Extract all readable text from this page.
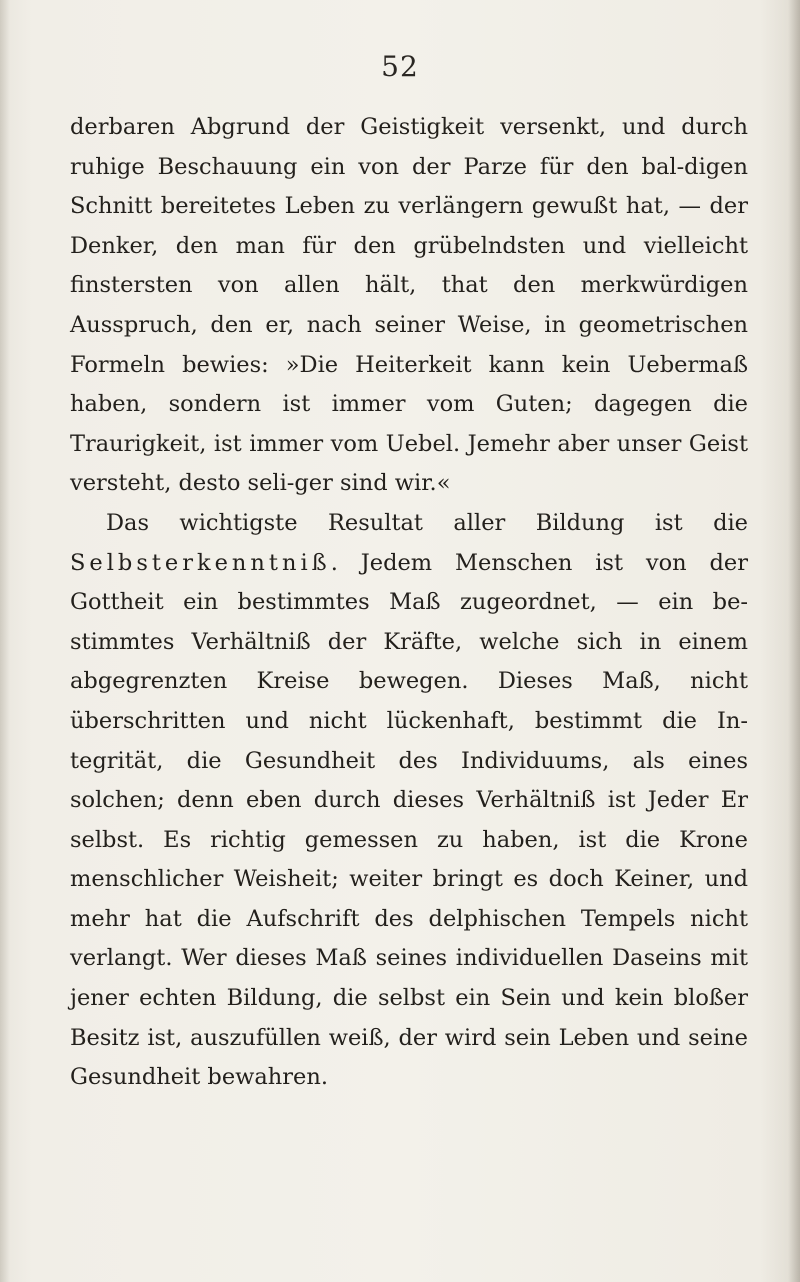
52

derbaren Abgrund der Geistigkeit versenkt, und durch ruhige Beschauung ein von der Parze für den bal-digen Schnitt bereitetes Leben zu verlängern gewußt hat, — der Denker, den man für den grübelndsten und vielleicht finstersten von allen hält, that den merkwürdigen Ausspruch, den er, nach seiner Weise, in geometrischen Formeln bewies: »Die Heiterkeit kann kein Uebermaß haben, sondern ist immer vom Guten; dagegen die Traurigkeit, ist immer vom Uebel. Jemehr aber unser Geist versteht, desto seli-ger sind wir.«

Das wichtigste Resultat aller Bildung ist die Selbsterkenntniß. Jedem Menschen ist von der Gottheit ein bestimmtes Maß zugeordnet, — ein be-stimmtes Verhältniß der Kräfte, welche sich in einem abgegrenzten Kreise bewegen. Dieses Maß, nicht überschritten und nicht lückenhaft, bestimmt die In-tegrität, die Gesundheit des Individuums, als eines solchen; denn eben durch dieses Verhältniß ist Jeder Er selbst. Es richtig gemessen zu haben, ist die Krone menschlicher Weisheit; weiter bringt es doch Keiner, und mehr hat die Aufschrift des delphischen Tempels nicht verlangt. Wer dieses Maß seines individuellen Daseins mit jener echten Bildung, die selbst ein Sein und kein bloßer Besitz ist, auszufüllen weiß, der wird sein Leben und seine Gesundheit bewahren.
